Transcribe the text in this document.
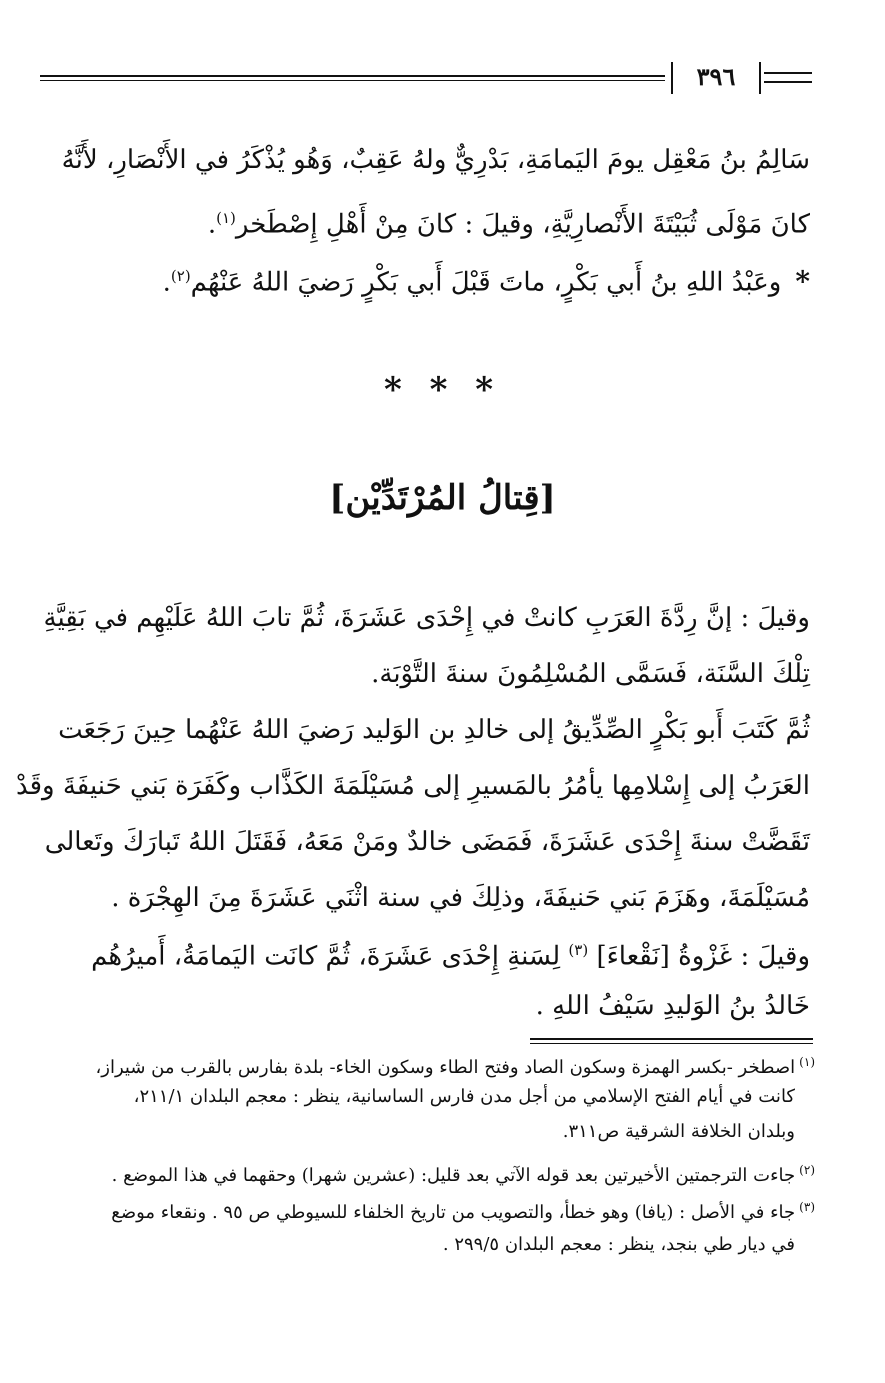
٣٩٦
سَالِمُ بنُ مَعْقِل يومَ اليَمامَةِ، بَدْرِيٌّ ولهُ عَقِبٌ، وَهُو يُذْكَرُ في الأَنْصَارِ، لأَنَّهُ
كانَ مَوْلَى ثُبَيْتَةَ الأَنْصارِيَّةِ، وقيلَ : كانَ مِنْ أَهْلِ إِصْطَخر$^{(١)}$.
*وعَبْدُ اللهِ بنُ أَبي بَكْرٍ، ماتَ قَبْلَ أَبي بَكْرٍ رَضيَ اللهُ عَنْهُم$^{(٢)}$.
* * *
[قِتالُ المُرْتَدِّيْن]
وقيلَ : إنَّ رِدَّةَ العَرَبِ كانتْ في إِحْدَى عَشَرَةَ، ثُمَّ تابَ اللهُ عَلَيْهِم في بَقِيَّةِ
تِلْكَ السَّنَة، فَسَمَّى المُسْلِمُونَ سنةَ التَّوْبَة.
ثُمَّ كَتَبَ أَبو بَكْرٍ الصِّدِّيقُ إلى خالدِ بن الوَليد رَضيَ اللهُ عَنْهُما حِينَ رَجَعَت
العَرَبُ إلى إِسْلامِها يأمُرُ بالمَسيرِ إلى مُسَيْلَمَةَ الكَذَّاب وكَفَرَة بَني حَنيفَةَ وقَدْ
تَقَضَّتْ سنةَ إِحْدَى عَشَرَةَ، فَمَضَى خالدٌ ومَنْ مَعَهُ، فَقَتَلَ اللهُ تَبارَكَ وتَعالى
مُسَيْلَمَةَ، وهَزَمَ بَني حَنيفَةَ، وذلِكَ في سنة اثْنَي عَشَرَةَ مِنَ الهِجْرَة .
وقيلَ : غَزْوةُ [نَقْعاءَ] $^{(٣)}$ لِسَنةِ إِحْدَى عَشَرَةَ، ثُمَّ كانَت اليَمامَةُ، أَميرُهُم
خَالدُ بنُ الوَليدِ سَيْفُ اللهِ .
$^{(١)}$اصطخر -بكسر الهمزة وسكون الصاد وفتح الطاء وسكون الخاء- بلدة بفارس بالقرب من شيراز،
كانت في أيام الفتح الإسلامي من أجل مدن فارس الساسانية، ينظر : معجم البلدان ٢١١/١،
وبلدان الخلافة الشرقية ص٣١١.
$^{(٢)}$جاءت الترجمتين الأخيرتين بعد قوله الآتي بعد قليل: (عشرين شهرا) وحقهما في هذا الموضع .
$^{(٣)}$جاء في الأصل : (يافا) وهو خطأ، والتصويب من تاريخ الخلفاء للسيوطي ص ٩٥ . ونقعاء موضع
في ديار طي بنجد، ينظر : معجم البلدان ٢٩٩/٥ .
